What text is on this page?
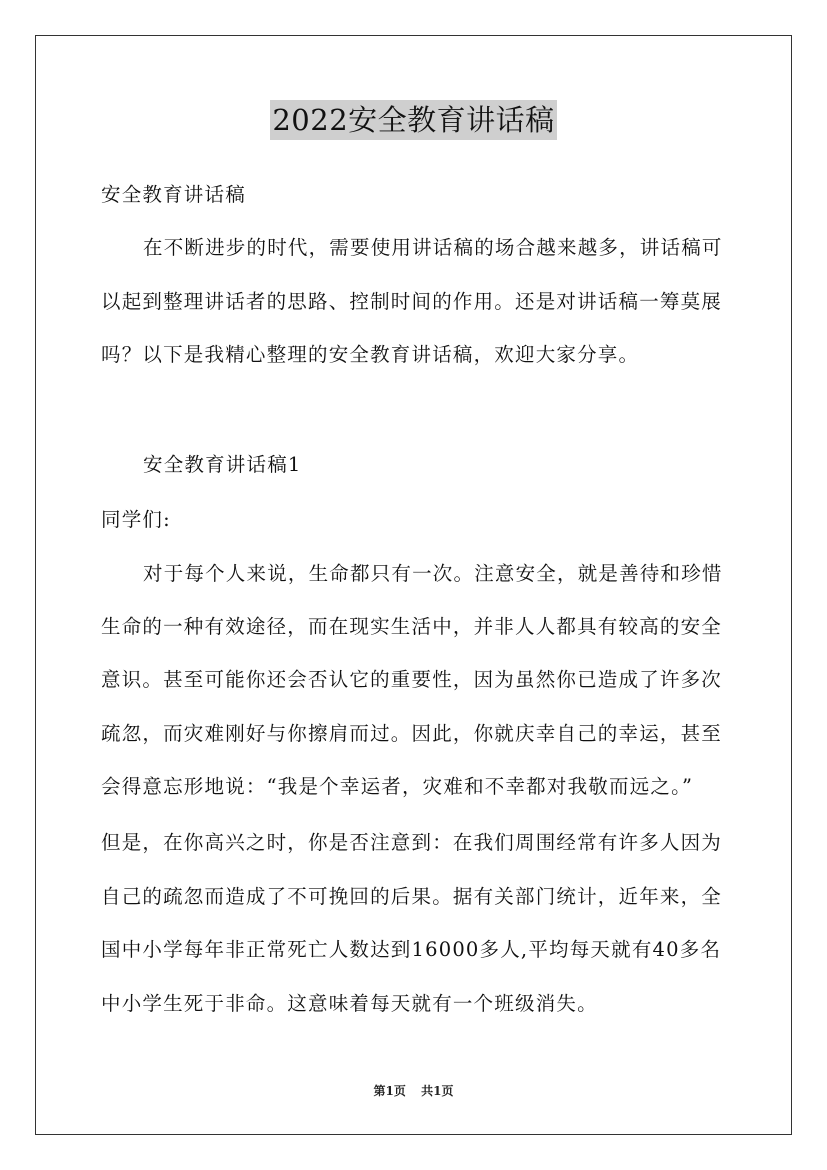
2022安全教育讲话稿
安全教育讲话稿
在不断进步的时代，需要使用讲话稿的场合越来越多，讲话稿可
以起到整理讲话者的思路、控制时间的作用。还是对讲话稿一筹莫展
吗？以下是我精心整理的安全教育讲话稿，欢迎大家分享。
安全教育讲话稿1
同学们:
对于每个人来说，生命都只有一次。注意安全，就是善待和珍惜
生命的一种有效途径，而在现实生活中，并非人人都具有较高的安全
意识。甚至可能你还会否认它的重要性，因为虽然你已造成了许多次
疏忽，而灾难刚好与你擦肩而过。因此，你就庆幸自己的幸运，甚至
会得意忘形地说：“我是个幸运者，灾难和不幸都对我敬而远之。”
但是，在你高兴之时，你是否注意到：在我们周围经常有许多人因为
自己的疏忽而造成了不可挽回的后果。据有关部门统计，近年来，全
国中小学每年非正常死亡人数达到16000多人,平均每天就有40多名
中小学生死于非命。这意味着每天就有一个班级消失。
第1页 共1页
